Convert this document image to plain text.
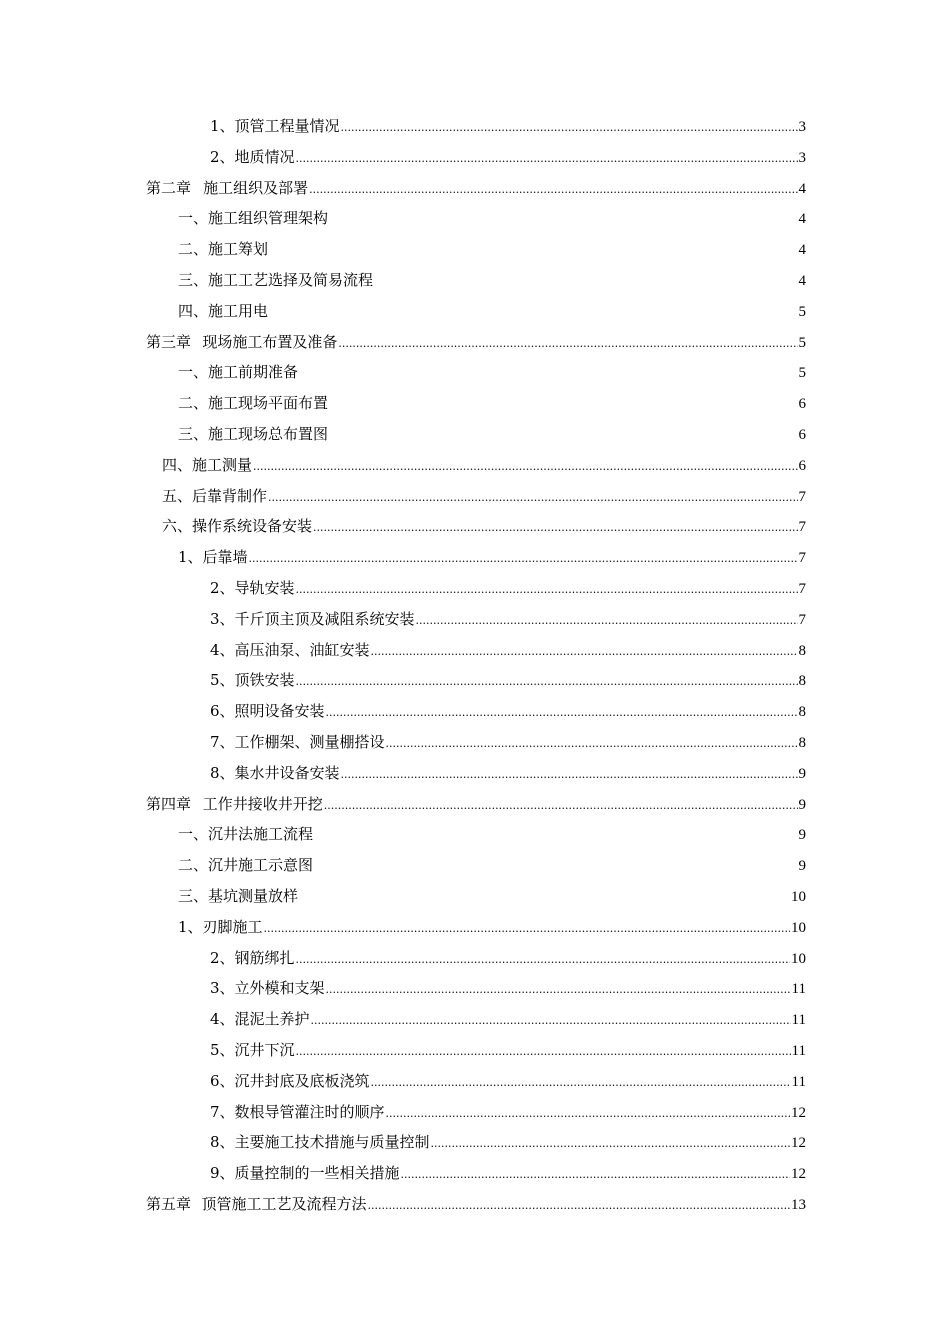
1、顶管工程量情况 .....	3
2、地质情况 .....	3
第二章 施工组织及部署 .....	4
一、施工组织管理架构	4
二、施工筹划	4
三、施工工艺选择及简易流程	4
四、施工用电	5
第三章 现场施工布置及准备 .....	5
一、施工前期准备	5
二、施工现场平面布置	6
三、施工现场总布置图	6
四、施工测量 .....	6
五、后靠背制作 .....	7
六、操作系统设备安装 .....	7
1、后靠墙 .....	7
2、导轨安装 .....	7
3、千斤顶主顶及减阻系统安装 .....	7
4、高压油泵、油缸安装 .....	8
5、顶铁安装 .....	8
6、照明设备安装 .....	8
7、工作棚架、测量棚搭设 .....	8
8、集水井设备安装 .....	9
第四章 工作井接收井开挖 .....	9
一、沉井法施工流程	9
二、沉井施工示意图	9
三、基坑测量放样	10
1、刃脚施工 .....	10
2、钢筋绑扎 .....	10
3、立外模和支架 .....	11
4、混泥土养护 .....	11
5、沉井下沉 .....	11
6、沉井封底及底板浇筑 .....	11
7、数根导管灌注时的顺序 .....	12
8、主要施工技术措施与质量控制 .....	12
9、质量控制的一些相关措施 .....	12
第五章 顶管施工工艺及流程方法 .....	13
